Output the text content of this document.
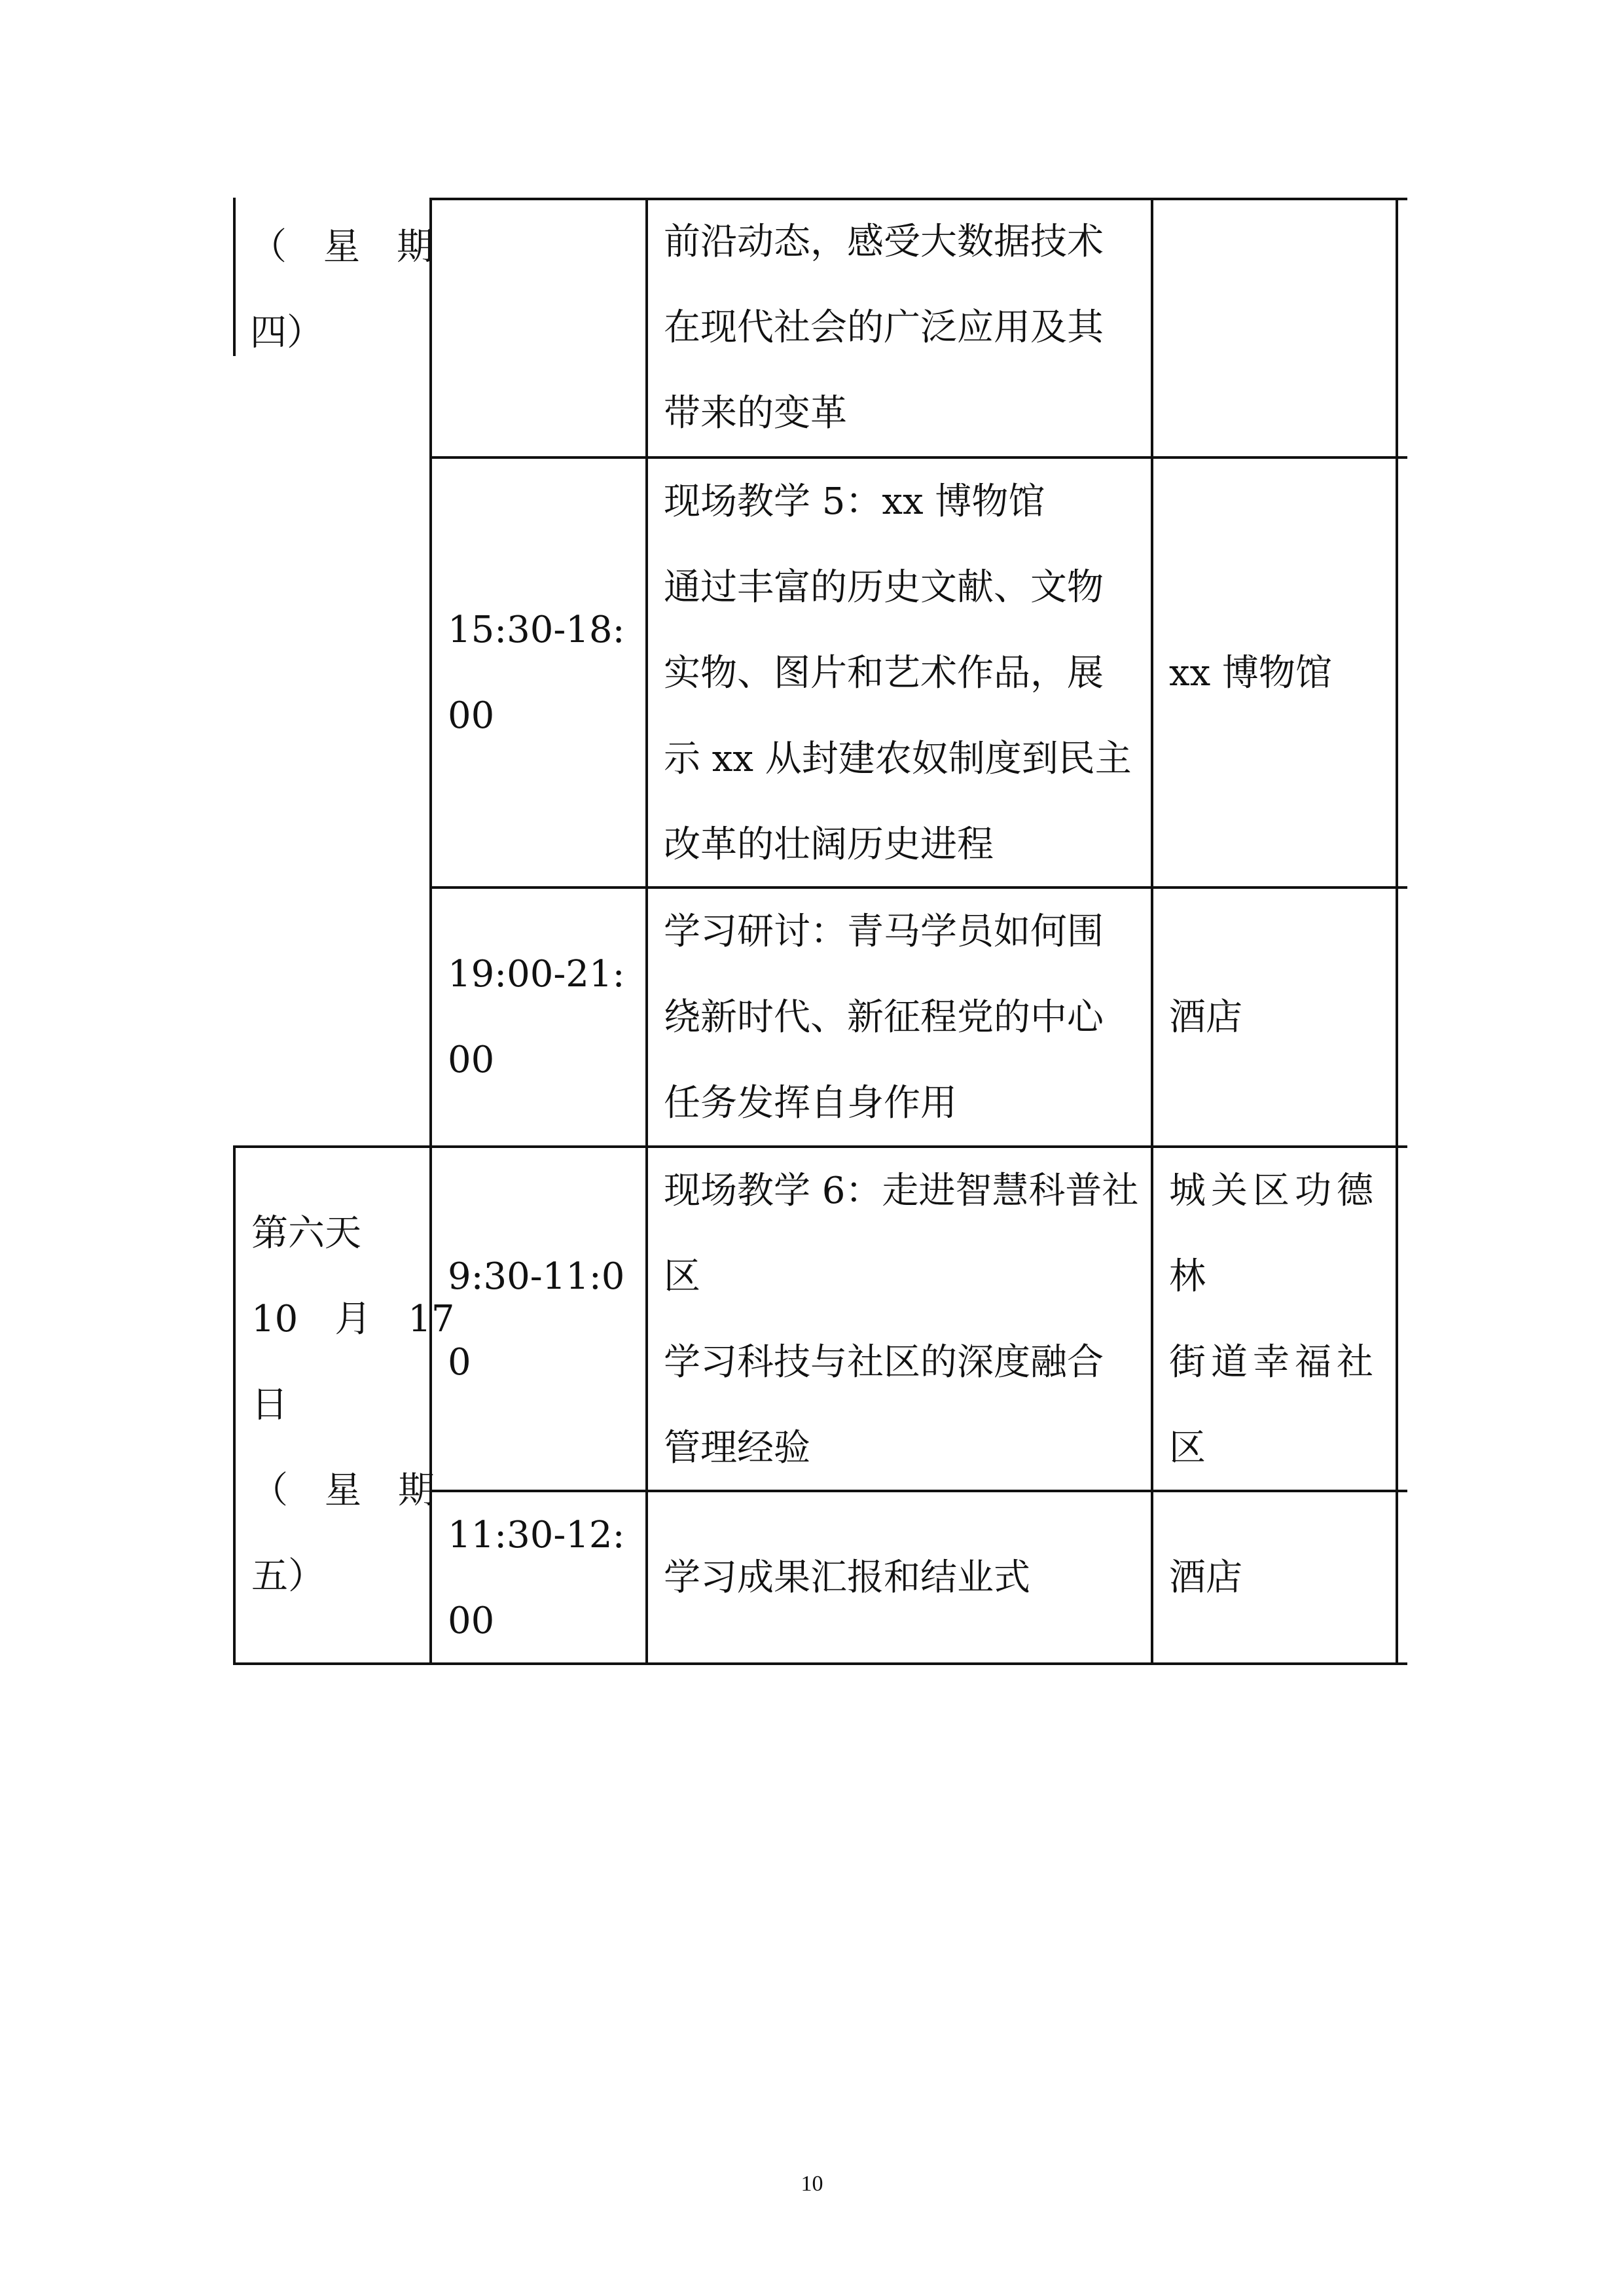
（　星　期
四）
前沿动态，感受大数据技术
在现代社会的广泛应用及其
带来的变革
15:30-18:
00
现场教学 5：xx 博物馆
通过丰富的历史文献、文物
实物、图片和艺术作品，展
示 xx 从封建农奴制度到民主
改革的壮阔历史进程
xx 博物馆
19:00-21:
00
学习研讨：青马学员如何围
绕新时代、新征程党的中心
任务发挥自身作用
酒店
第六天
10　月　17
日
（　星　期
五）
9:30-11:0
0
现场教学 6：走进智慧科普社
区
学习科技与社区的深度融合
管理经验
城关区功德
林
街道幸福社
区
11:30-12:
00
学习成果汇报和结业式	酒店
10
